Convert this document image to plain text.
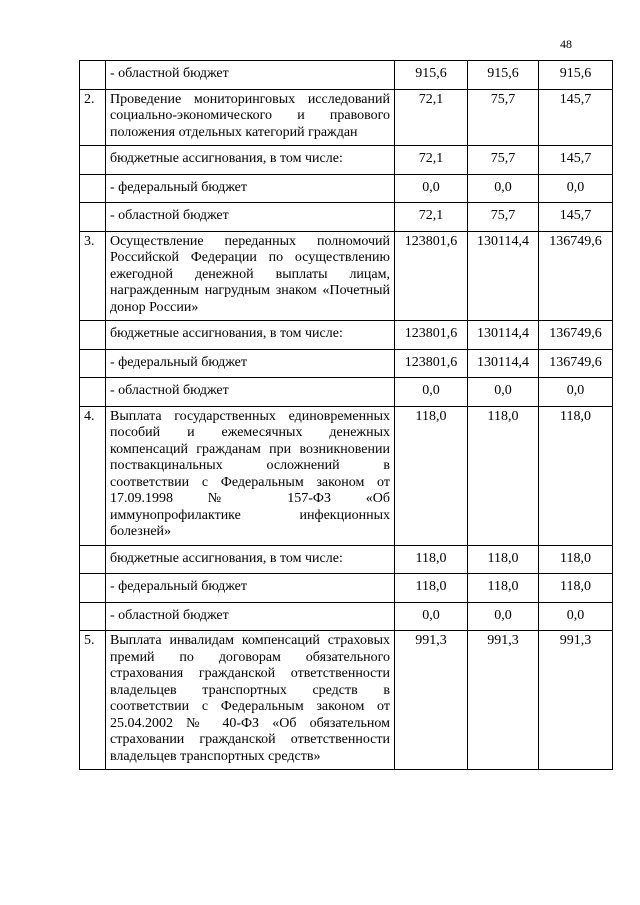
48
	- областной бюджет	915,6	915,6	915,6
2.	Проведение мониторинговых исследований социально-экономического и правового положения отдельных категорий граждан	72,1	75,7	145,7
	бюджетные ассигнования, в том числе:	72,1	75,7	145,7
	- федеральный бюджет	0,0	0,0	0,0
	- областной бюджет	72,1	75,7	145,7
3.	Осуществление переданных полномочий Российской Федерации по осуществлению ежегодной денежной выплаты лицам, награжденным нагрудным знаком «Почетный донор России»	123801,6	130114,4	136749,6
	бюджетные ассигнования, в том числе:	123801,6	130114,4	136749,6
	- федеральный бюджет	123801,6	130114,4	136749,6
	- областной бюджет	0,0	0,0	0,0
4.	Выплата государственных единовременных пособий и ежемесячных денежных компенсаций гражданам при возникновении поствакцинальных осложнений в соответствии с Федеральным законом от 17.09.1998 № 157-ФЗ «Об иммунопрофилактике инфекционных болезней»	118,0	118,0	118,0
	бюджетные ассигнования, в том числе:	118,0	118,0	118,0
	- федеральный бюджет	118,0	118,0	118,0
	- областной бюджет	0,0	0,0	0,0
5.	Выплата инвалидам компенсаций страховых премий по договорам обязательного страхования гражданской ответственности владельцев транспортных средств в соответствии с Федеральным законом от 25.04.2002 № 40-ФЗ «Об обязательном страховании гражданской ответственности владельцев транспортных средств»	991,3	991,3	991,3
